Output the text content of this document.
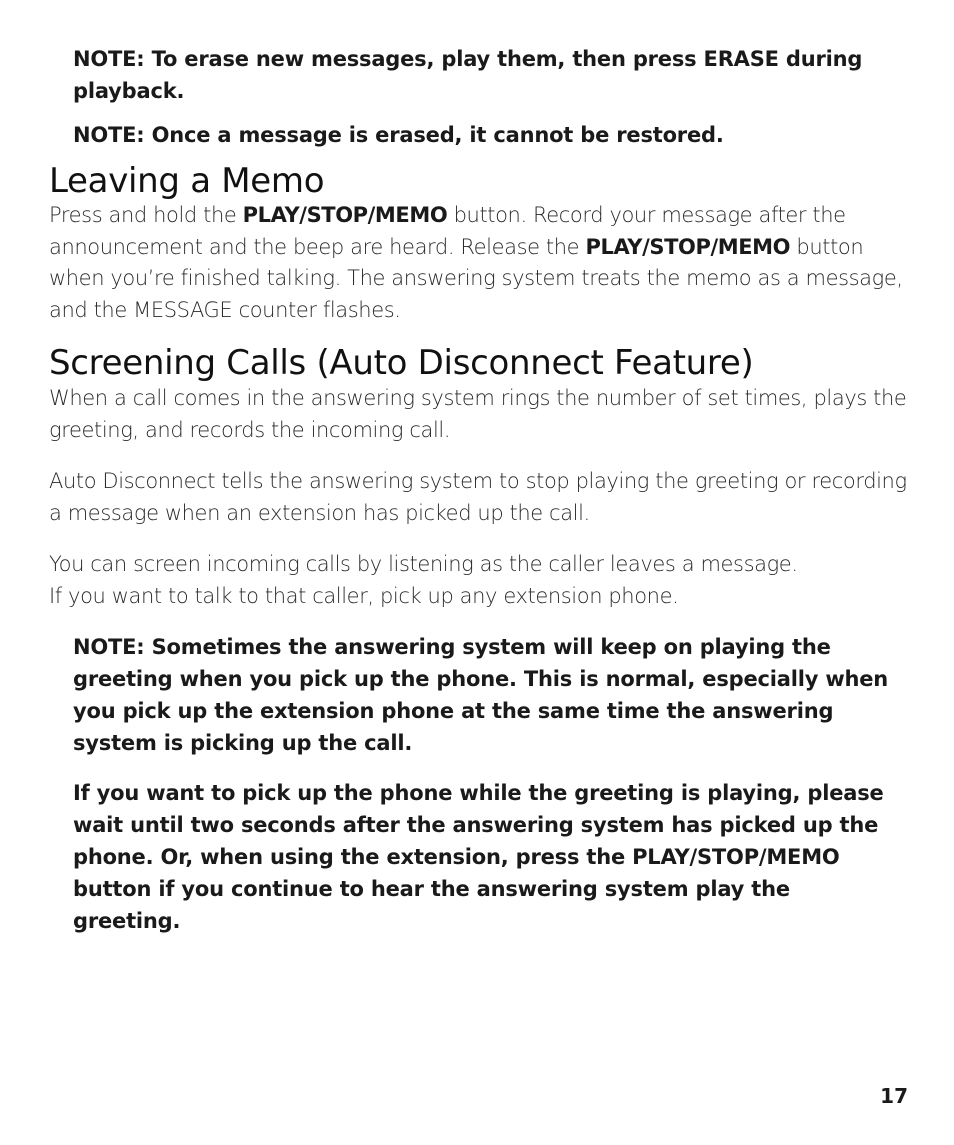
NOTE: To erase new messages, play them, then press ERASE during playback.

NOTE: Once a message is erased, it cannot be restored.

Leaving a Memo

Press and hold the PLAY/STOP/MEMO button. Record your message after the announcement and the beep are heard. Release the PLAY/STOP/MEMO button when you’re finished talking. The answering system treats the memo as a message, and the MESSAGE counter flashes.

Screening Calls (Auto Disconnect Feature)

When a call comes in the answering system rings the number of set times, plays the greeting, and records the incoming call.

Auto Disconnect tells the answering system to stop playing the greeting or recording a message when an extension has picked up the call.

You can screen incoming calls by listening as the caller leaves a message.
If you want to talk to that caller, pick up any extension phone.

NOTE: Sometimes the answering system will keep on playing the greeting when you pick up the phone. This is normal, especially when you pick up the extension phone at the same time the answering system is picking up the call.

If you want to pick up the phone while the greeting is playing, please wait until two seconds after the answering system has picked up the phone. Or, when using the extension, press the PLAY/STOP/MEMO button if you continue to hear the answering system play the greeting.

17
